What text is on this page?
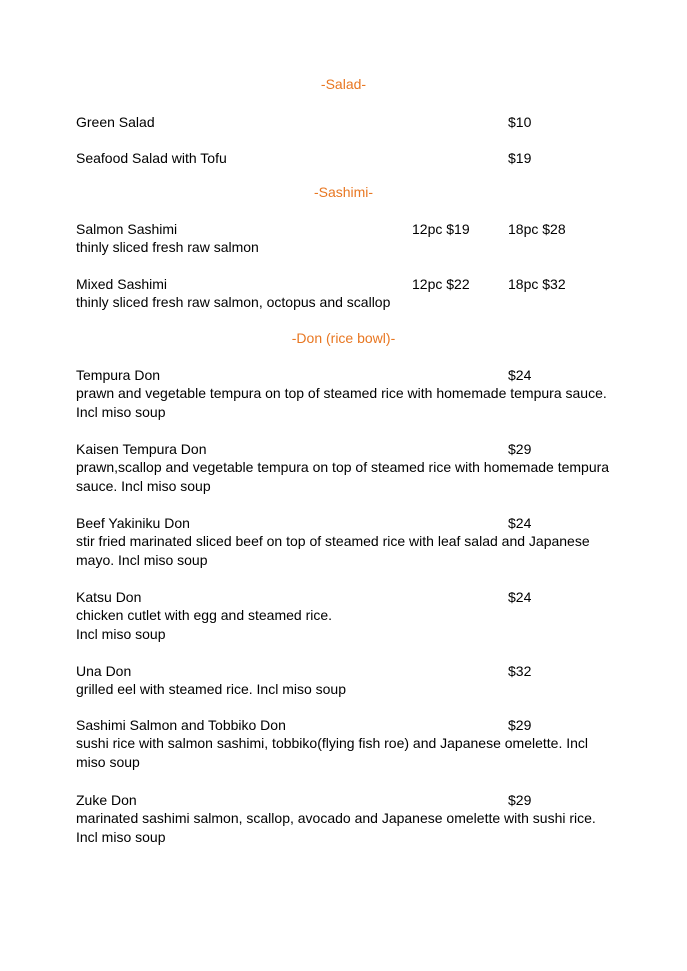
-Salad-
Green Salad	$10
Seafood Salad with Tofu	$19
-Sashimi-
Salmon Sashimi	12pc $19	18pc $28
thinly sliced fresh raw salmon
Mixed Sashimi	12pc $22	18pc $32
thinly sliced fresh raw salmon, octopus and scallop
-Don (rice bowl)-
Tempura Don	$24
prawn and vegetable tempura on top of steamed rice with homemade tempura sauce. Incl miso soup
Kaisen Tempura Don	$29
prawn,scallop and vegetable tempura on top of steamed rice with homemade tempura sauce. Incl miso soup
Beef Yakiniku Don	$24
stir fried marinated sliced beef on top of steamed rice with leaf salad and Japanese mayo. Incl miso soup
Katsu Don	$24
chicken cutlet with egg and steamed rice.
Incl miso soup
Una Don	$32
grilled eel with steamed rice. Incl miso soup
Sashimi Salmon and Tobbiko Don	$29
sushi rice with salmon sashimi, tobbiko(flying fish roe) and Japanese omelette. Incl miso soup
Zuke Don	$29
marinated sashimi salmon, scallop, avocado and Japanese omelette with sushi rice. Incl miso soup
